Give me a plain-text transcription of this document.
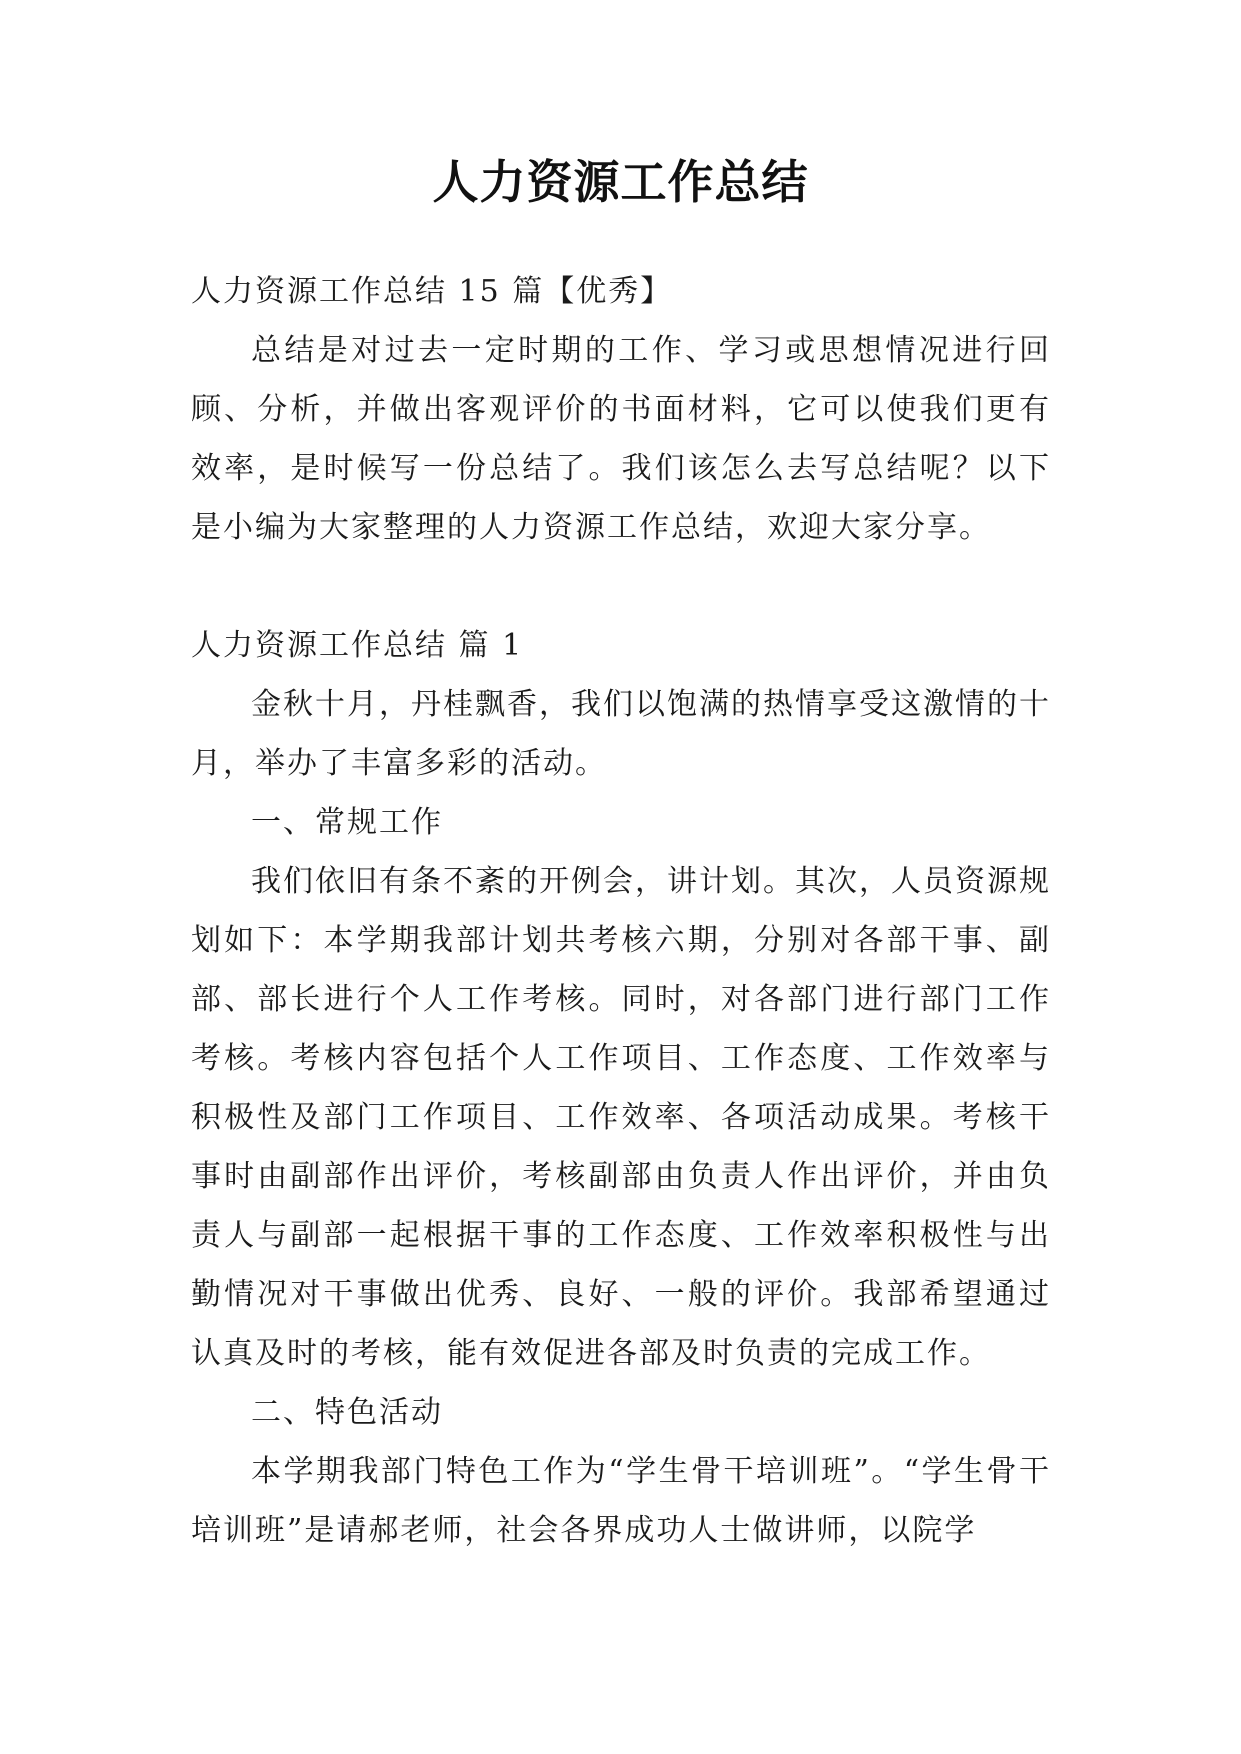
人力资源工作总结

人力资源工作总结 15 篇【优秀】

总结是对过去一定时期的工作、学习或思想情况进行回顾、分析，并做出客观评价的书面材料，它可以使我们更有效率，是时候写一份总结了。我们该怎么去写总结呢？以下是小编为大家整理的人力资源工作总结，欢迎大家分享。

人力资源工作总结 篇 1

金秋十月，丹桂飘香，我们以饱满的热情享受这激情的十月，举办了丰富多彩的活动。

一、常规工作

我们依旧有条不紊的开例会，讲计划。其次，人员资源规划如下：本学期我部计划共考核六期，分别对各部干事、副部、部长进行个人工作考核。同时，对各部门进行部门工作考核。考核内容包括个人工作项目、工作态度、工作效率与积极性及部门工作项目、工作效率、各项活动成果。考核干事时由副部作出评价，考核副部由负责人作出评价，并由负责人与副部一起根据干事的工作态度、工作效率积极性与出勤情况对干事做出优秀、良好、一般的评价。我部希望通过认真及时的考核，能有效促进各部及时负责的完成工作。

二、特色活动

本学期我部门特色工作为“学生骨干培训班”。“学生骨干培训班”是请郝老师，社会各界成功人士做讲师，以院学
